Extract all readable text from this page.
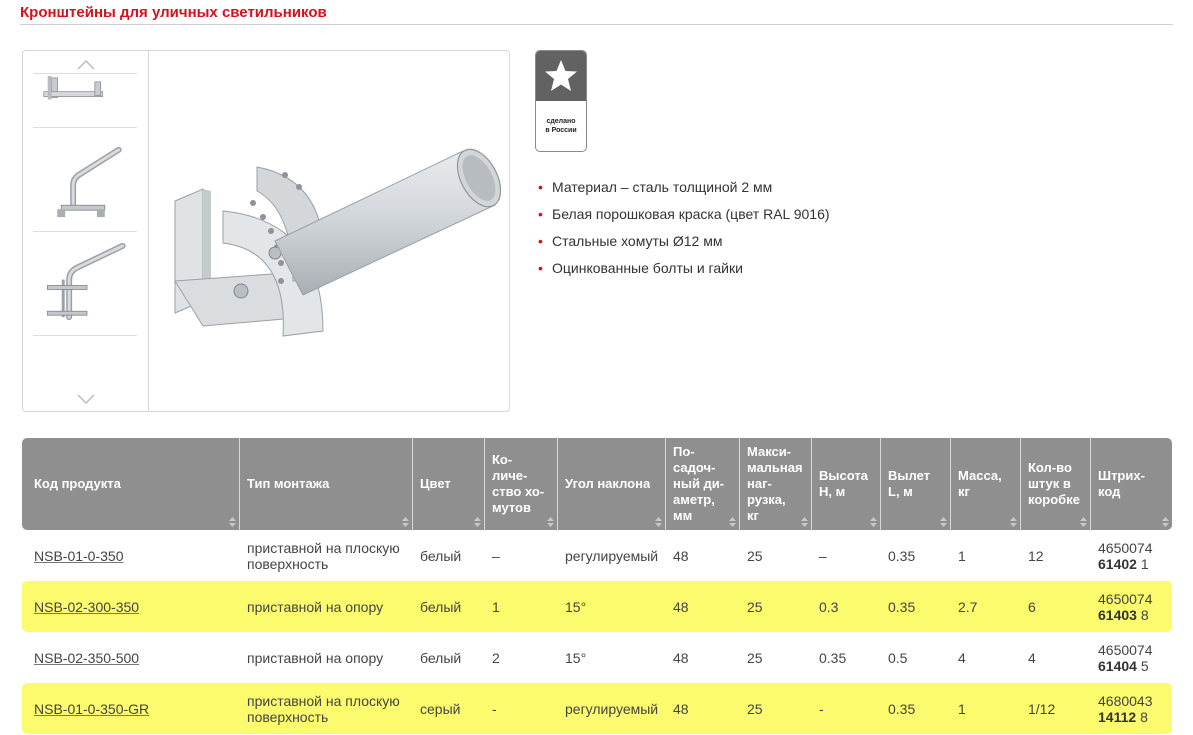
Кронштейны для уличных светильников
сделано
в России
• Материал – сталь толщиной 2 мм
• Белая порошковая краска (цвет RAL 9016)
• Стальные хомуты Ø12 мм
• Оцинкованные болты и гайки
Код продукта	Тип монтажа	Цвет	Ко-личе-ство хо-мутов	Угол наклона	По-садоч-ный ди-аметр, мм	Макси-мальная наг-рузка, кг	Высота H, м	Вылет L, м	Масса, кг	Кол-во штук в коробке	Штрих-код

NSB-01-0-350	приставной на плоскую поверхность	белый	–	регулируемый	48	25	–	0.35	1	12	4650074
61402 1
NSB-02-300-350	приставной на опору	белый	1	15°	48	25	0.3	0.35	2.7	6	4650074
61403 8
NSB-02-350-500	приставной на опору	белый	2	15°	48	25	0.35	0.5	4	4	4650074
61404 5
NSB-01-0-350-GR	приставной на плоскую поверхность	серый	-	регулируемый	48	25	-	0.35	1	1/12	4680043
14112 8
